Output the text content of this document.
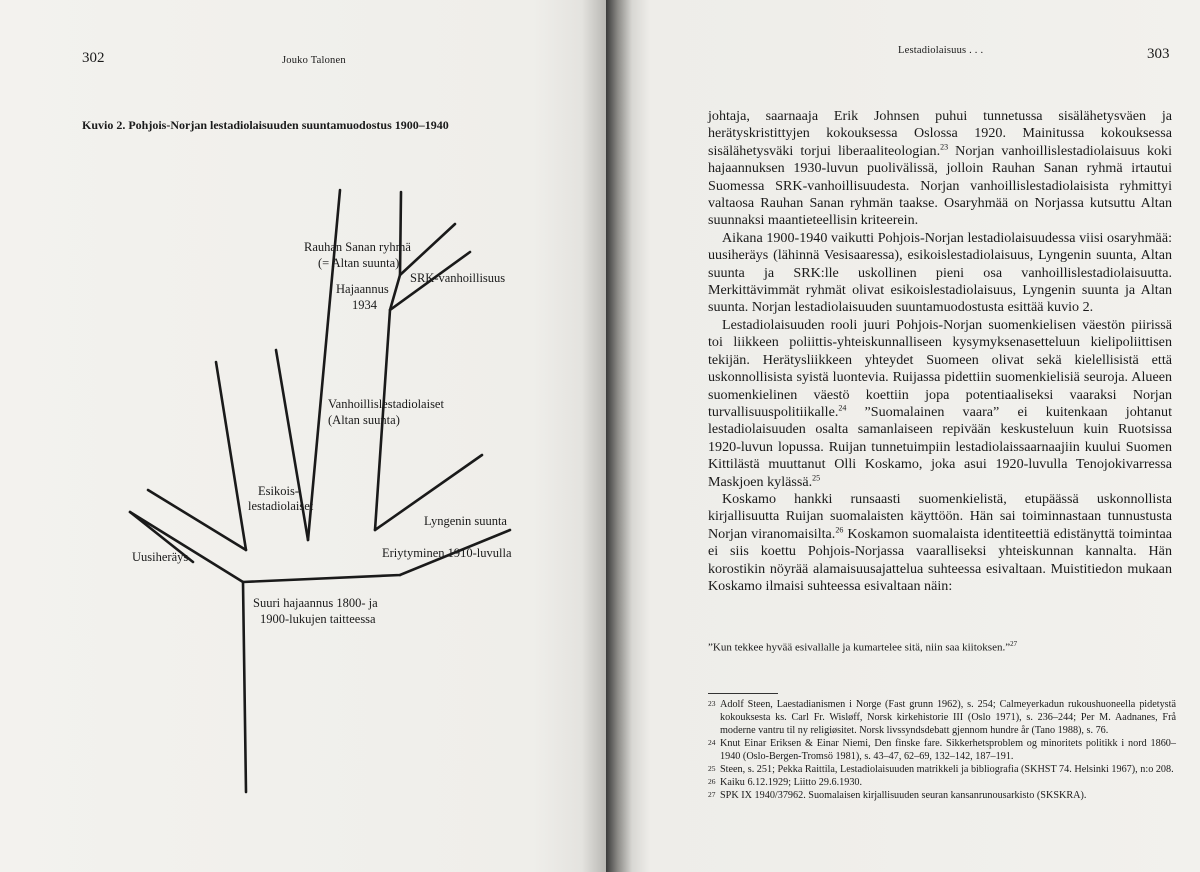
302	Jouko Talonen
Kuvio 2. Pohjois-Norjan lestadiolaisuuden suuntamuodostus 1900–1940
Rauhan Sanan ryhmä
(= Altan suunta)
SRK-vanhoillisuus
Hajaannus
1934
Vanhoillislestadiolaiset
(Altan suunta)
Esikois-
lestadiolaiset
Lyngenin suunta
Eriytyminen 1910-luvulla
Uusiheräys
Suuri hajaannus 1800- ja
1900-lukujen taitteessa
Lestadiolaisuus . . .	303

johtaja, saarnaaja Erik Johnsen puhui tunnetussa sisälähetysväen ja herätyskristittyjen kokouksessa Oslossa 1920. Mainitussa kokouksessa sisälähetysväki torjui liberaaliteologian.$^{23}$ Norjan vanhoillislestadiolaisuus koki hajaannuksen 1930-luvun puolivälissä, jolloin Rauhan Sanan ryhmä irtautui Suomessa SRK-vanhoillisuudesta. Norjan vanhoillislestadiolaisista ryhmittyi valtaosa Rauhan Sanan ryhmän taakse. Osaryhmää on Norjassa kutsuttu Altan suunnaksi maantieteellisin kriteerein.

Aikana 1900-1940 vaikutti Pohjois-Norjan lestadiolaisuudessa viisi osaryhmää: uusiheräys (lähinnä Vesisaaressa), esikoislestadiolaisuus, Lyngenin suunta, Altan suunta ja SRK:lle uskollinen pieni osa vanhoillislestadiolaisuutta. Merkittävimmät ryhmät olivat esikoislestadiolaisuus, Lyngenin suunta ja Altan suunta. Norjan lestadiolaisuuden suuntamuodostusta esittää kuvio 2.

Lestadiolaisuuden rooli juuri Pohjois-Norjan suomenkielisen väestön piirissä toi liikkeen poliittis-yhteiskunnalliseen kysymyksenasetteluun kielipoliittisen tekijän. Herätysliikkeen yhteydet Suomeen olivat sekä kielellisistä että uskonnollisista syistä luontevia. Ruijassa pidettiin suomenkielisiä seuroja. Alueen suomenkielinen väestö koettiin jopa potentiaaliseksi vaaraksi Norjan turvallisuuspolitiikalle.$^{24}$ ”Suomalainen vaara” ei kuitenkaan johtanut lestadiolaisuuden osalta samanlaiseen repivään keskusteluun kuin Ruotsissa 1920-luvun lopussa. Ruijan tunnetuimpiin lestadiolaissaarnaajiin kuului Suomen Kittilästä muuttanut Olli Koskamo, joka asui 1920-luvulla Tenojokivarressa Maskjoen kylässä.$^{25}$

Koskamo hankki runsaasti suomenkielistä, etupäässä uskonnollista kirjallisuutta Ruijan suomalaisten käyttöön. Hän sai toiminnastaan tunnustusta Norjan viranomaisilta.$^{26}$ Koskamon suomalaista identiteettiä edistänyttä toimintaa ei siis koettu Pohjois-Norjassa vaaralliseksi yhteiskunnan kannalta. Hän korostikin nöyrää alamaisuusajattelua suhteessa esivaltaan. Muistitiedon mukaan Koskamo ilmaisi suhteessa esivaltaan näin:

”Kun tekkee hyvää esivallalle ja kumartelee sitä, niin saa kiitoksen.”$^{27}$
23 Adolf Steen, Laestadianismen i Norge (Fast grunn 1962), s. 254; Calmeyerkadun rukoushuoneella pidetystä kokouksesta ks. Carl Fr. Wisløff, Norsk kirkehistorie III (Oslo 1971), s. 236–244; Per M. Aadnanes, Frå moderne vantru til ny religiøsitet. Norsk livssyndsdebatt gjennom hundre år (Tano 1988), s. 76.
24 Knut Einar Eriksen & Einar Niemi, Den finske fare. Sikkerhetsproblem og minoritets politikk i nord 1860–1940 (Oslo-Bergen-Tromsö 1981), s. 43–47, 62–69, 132–142, 187–191.
25 Steen, s. 251; Pekka Raittila, Lestadiolaisuuden matrikkeli ja bibliografia (SKHST 74. Helsinki 1967), n:o 208.
26 Kaiku 6.12.1929; Liitto 29.6.1930.
27 SPK IX 1940/37962. Suomalaisen kirjallisuuden seuran kansanrunousarkisto (SKSKRA).
